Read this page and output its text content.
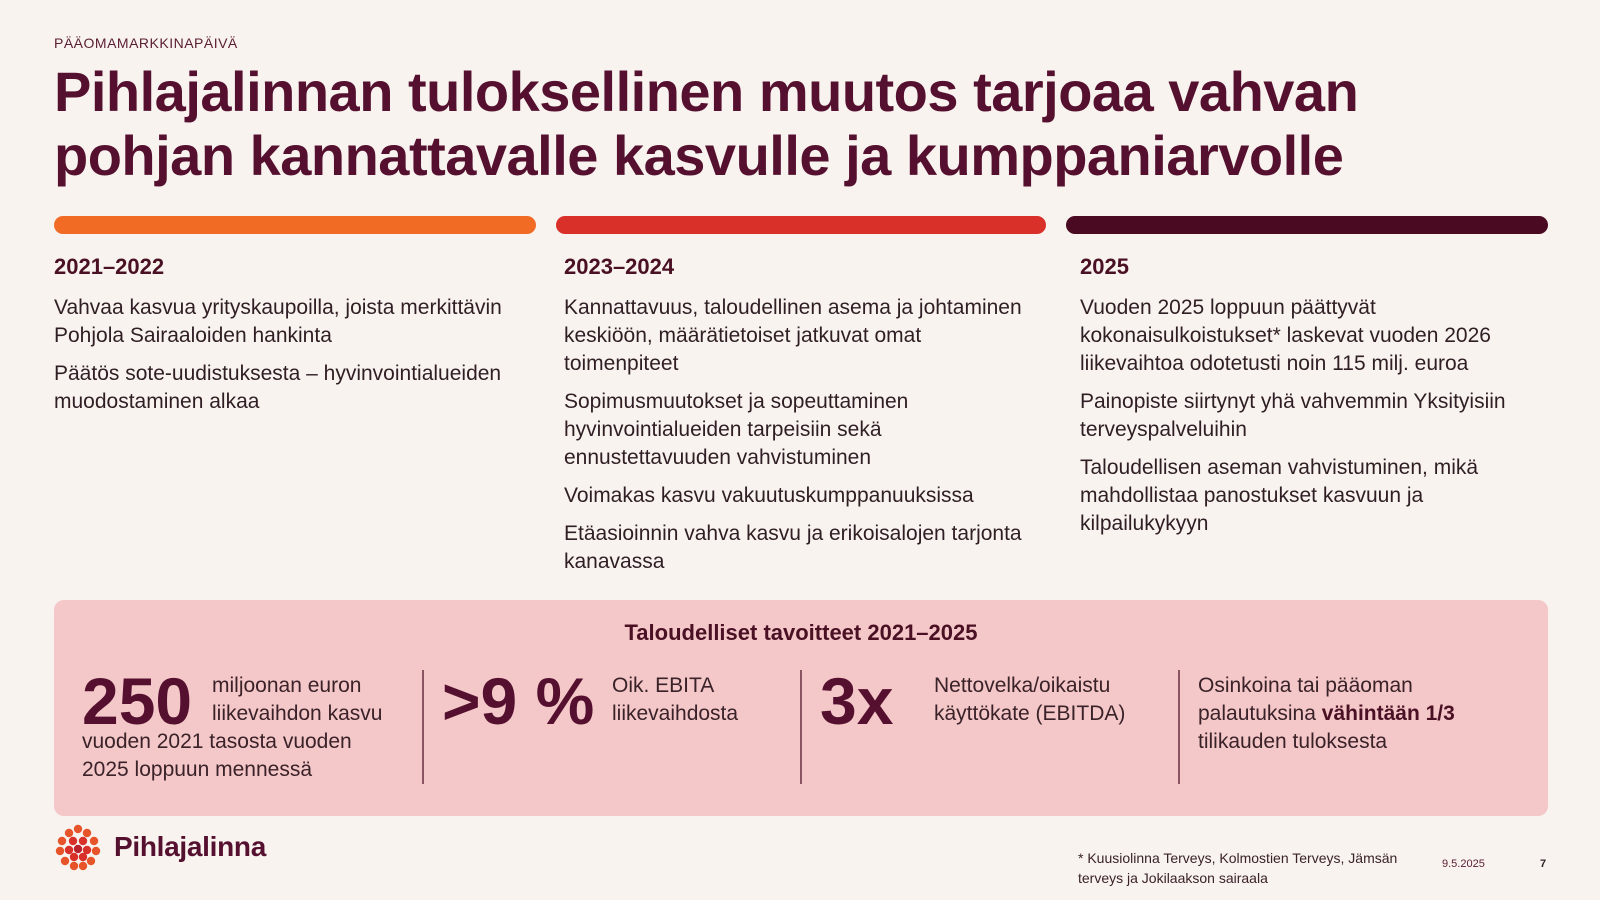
PÄÄOMAMARKKINAPÄIVÄ
Pihlajalinnan tuloksellinen muutos tarjoaa vahvan pohjan kannattavalle kasvulle ja kumppaniarvolle
2021–2022
Vahvaa kasvua yrityskaupoilla, joista merkittävin Pohjola Sairaaloiden hankinta
Päätös sote-uudistuksesta – hyvinvointialueiden muodostaminen alkaa
2023–2024
Kannattavuus, taloudellinen asema ja johtaminen keskiöön, määrätietoiset jatkuvat omat toimenpiteet
Sopimusmuutokset ja sopeuttaminen hyvinvointialueiden tarpeisiin sekä ennustettavuuden vahvistuminen
Voimakas kasvu vakuutuskumppanuuksissa
Etäasioinnin vahva kasvu ja erikoisalojen tarjonta kanavassa
2025
Vuoden 2025 loppuun päättyvät kokonaisulkoistukset* laskevat vuoden 2026 liikevaihtoa odotetusti noin 115 milj. euroa
Painopiste siirtynyt yhä vahvemmin Yksityisiin terveyspalveluihin
Taloudellisen aseman vahvistuminen, mikä mahdollistaa panostukset kasvuun ja kilpailukykyyn
Taloudelliset tavoitteet 2021–2025
250 miljoonan euron liikevaihdon kasvu
vuoden 2021 tasosta vuoden 2025 loppuun mennessä
>9 % Oik. EBITA liikevaihdosta	3x Nettovelka/oikaistu käyttökate (EBITDA)
Osinkoina tai pääoman palautuksina vähintään 1/3 tilikauden tuloksesta
Pihlajalinna	* Kuusiolinna Terveys, Kolmostien Terveys, Jämsän terveys ja Jokilaakson sairaala
9.5.2025	7
